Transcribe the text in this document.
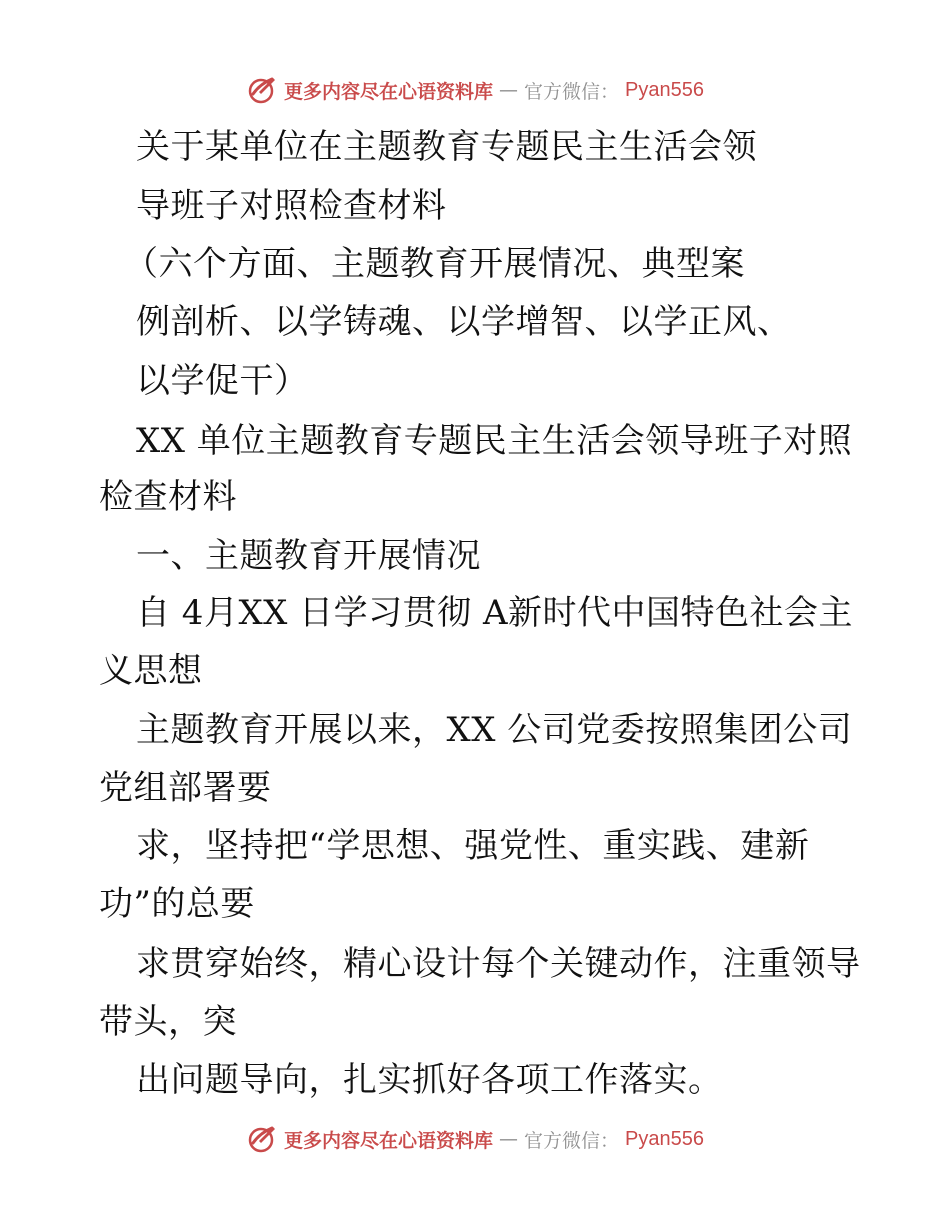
更多内容尽在心语资料库 — 官方微信： Pyan556

关于某单位在主题教育专题民主生活会领

导班子对照检查材料

（六个方面、主题教育开展情况、典型案

例剖析、以学铸魂、以学增智、以学正风、

以学促干）

XX 单位主题教育专题民主生活会领导班子对照

检查材料

一、主题教育开展情况

自 4月XX 日学习贯彻 A新时代中国特色社会主

义思想

主题教育开展以来，XX 公司党委按照集团公司

党组部署要

求，坚持把“学思想、强党性、重实践、建新

功”的总要

求贯穿始终，精心设计每个关键动作，注重领导

带头，突

出问题导向，扎实抓好各项工作落实。

更多内容尽在心语资料库 — 官方微信： Pyan556
